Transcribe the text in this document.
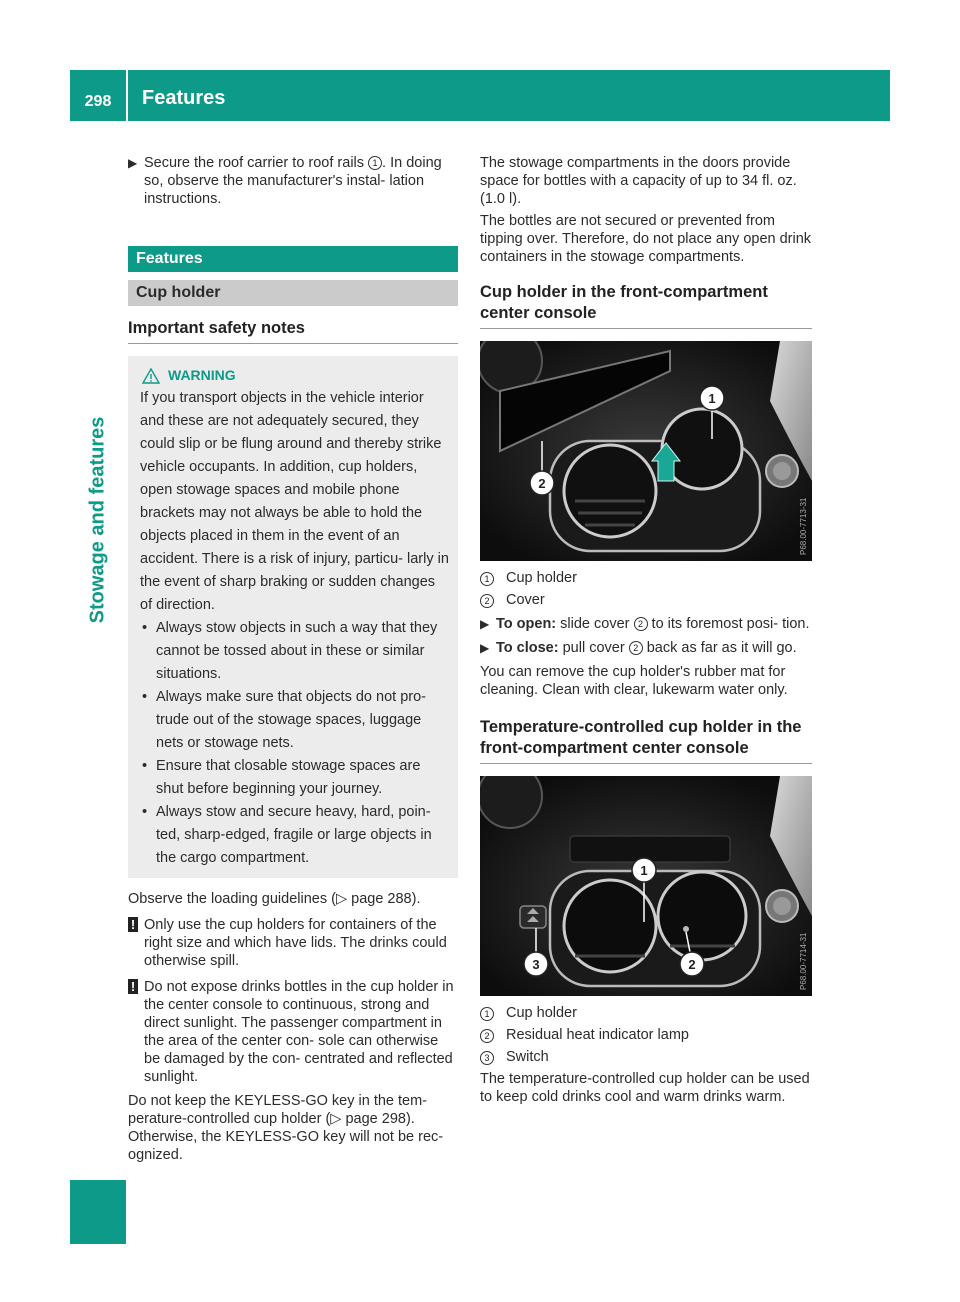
298	Features
Stowage and features

▶ Secure the roof carrier to roof rails 1 . In doing so, observe the manufacturer's instal- lation instructions.

Features
Cup holder
Important safety notes
WARNING

If you transport objects in the vehicle interior and these are not adequately secured, they could slip or be flung around and thereby strike vehicle occupants. In addition, cup holders, open stowage spaces and mobile phone brackets may not always be able to hold the objects placed in them in the event of an accident. There is a risk of injury, particu- larly in the event of sharp braking or sudden changes of direction.

• Always stow objects in such a way that they cannot be tossed about in these or similar situations.

• Always make sure that objects do not pro- trude out of the stowage spaces, luggage nets or stowage nets.

• Ensure that closable stowage spaces are shut before beginning your journey.

• Always stow and secure heavy, hard, poin- ted, sharp-edged, fragile or large objects in the cargo compartment.

Observe the loading guidelines (▷ page 288).

! Only use the cup holders for containers of the right size and which have lids. The drinks could otherwise spill.

! Do not expose drinks bottles in the cup holder in the center console to continuous, strong and direct sunlight. The passenger compartment in the area of the center con- sole can otherwise be damaged by the con- centrated and reflected sunlight.

Do not keep the KEYLESS-GO key in the tem- perature-controlled cup holder (▷ page 298). Otherwise, the KEYLESS-GO key will not be rec- ognized.

The stowage compartments in the doors provide space for bottles with a capacity of up to 34 fl. oz. (1.0 l).

The bottles are not secured or prevented from tipping over. Therefore, do not place any open drink containers in the stowage compartments.

Cup holder in the front-compartment center console
1
2
P68.00-7713-31
1	Cup holder
2	Cover

▶ To open: slide cover 2 to its foremost posi- tion.

▶ To close: pull cover 2 back as far as it will go.

You can remove the cup holder's rubber mat for cleaning. Clean with clear, lukewarm water only.

Temperature-controlled cup holder in the front-compartment center console
1
2
3	P68.00-7714-31
1	Cup holder
2	Residual heat indicator lamp
3	Switch

The temperature-controlled cup holder can be used to keep cold drinks cool and warm drinks warm.
